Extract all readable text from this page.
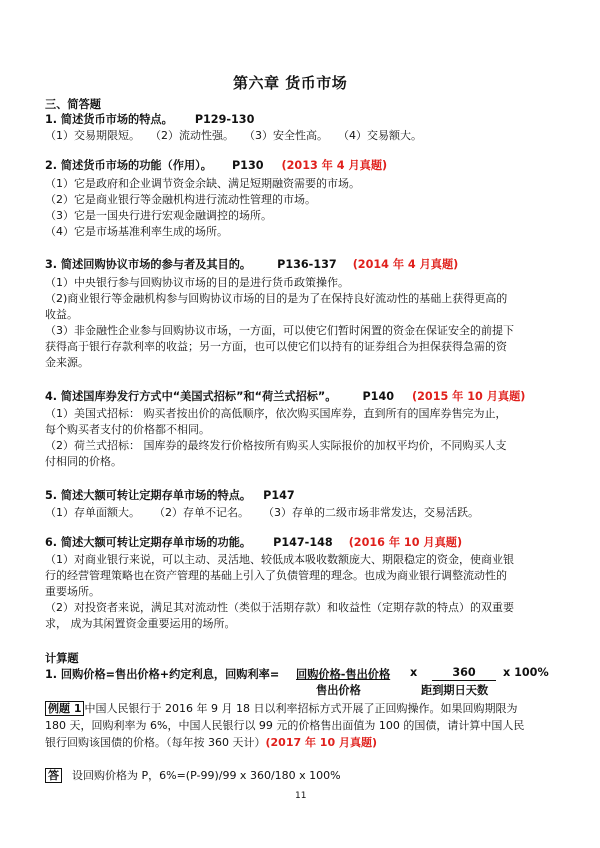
第六章 货币市场
三、简答题
1. 简述货币市场的特点。 P129-130
（1）交易期限短。 （2）流动性强。 （3）安全性高。 （4）交易额大。
2. 简述货币市场的功能（作用）。 P130 (2013 年 4 月真题)
（1）它是政府和企业调节资金余缺、满足短期融资需要的市场。
（2）它是商业银行等金融机构进行流动性管理的市场。
（3）它是一国央行进行宏观金融调控的场所。
（4）它是市场基准利率生成的场所。
3. 简述回购协议市场的参与者及其目的。 P136-137 (2014 年 4 月真题)
（1）中央银行参与回购协议市场的目的是进行货币政策操作。
（2)商业银行等金融机构参与回购协议市场的目的是为了在保持良好流动性的基础上获得更高的
收益。
（3）非金融性企业参与回购协议市场，一方面，可以使它们暂时闲置的资金在保证安全的前提下
获得高于银行存款利率的收益；另一方面，也可以使它们以持有的证券组合为担保获得急需的资
金来源。
4. 简述国库券发行方式中“美国式招标”和“荷兰式招标”。 P140 (2015 年 10 月真题)
（1）美国式招标： 购买者按出价的高低顺序，依次购买国库券，直到所有的国库券售完为止，
每个购买者支付的价格都不相同。
（2）荷兰式招标： 国库券的最终发行价格按所有购买人实际报价的加权平均价，不同购买人支
付相同的价格。
5. 简述大额可转让定期存单市场的特点。 P147
（1）存单面额大。 （2）存单不记名。 （3）存单的二级市场非常发达，交易活跃。
6. 简述大额可转让定期存单市场的功能。 P147-148 (2016 年 10 月真题)
（1）对商业银行来说，可以主动、灵活地、较低成本吸收数额庞大、期限稳定的资金，使商业银
行的经营管理策略也在资产管理的基础上引入了负债管理的理念。也成为商业银行调整流动性的
重要场所。
（2）对投资者来说，满足其对流动性（类似于活期存款）和收益性（定期存款的特点）的双重要
求， 成为其闲置资金重要运用的场所。
计算题
1. 回购价格=售出价格+约定利息，回购利率= 回购价格-售出价格
售出价格
x	360
距到期日天数
x 100%
例题 1 中国人民银行于 2016 年 9 月 18 日以利率招标方式开展了正回购操作。如果回购期限为
180 天，回购利率为 6%，中国人民银行以 99 元的价格售出面值为 100 的国债，请计算中国人民
银行回购该国债的价格。（每年按 360 天计）(2017 年 10 月真题)
答 设回购价格为 P，6%=(P-99)/99 x 360/180 x 100%
11
